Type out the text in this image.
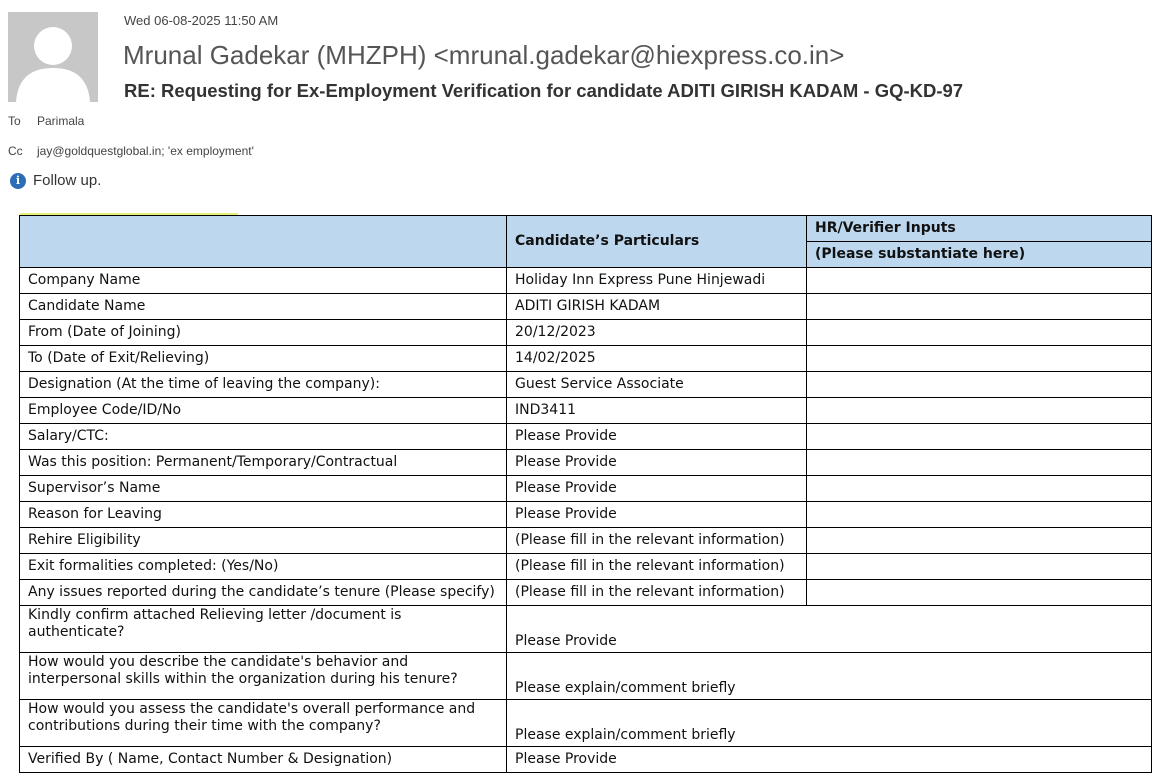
Wed 06-08-2025 11:50 AM
Mrunal Gadekar (MHZPH) <mrunal.gadekar@hiexpress.co.in>
RE: Requesting for Ex-Employment Verification for candidate ADITI GIRISH KADAM - GQ-KD-97
To Parimala
Cc jay@goldquestglobal.in; 'ex employment'
i Follow up.
	Candidate’s Particulars	HR/Verifier Inputs
		(Please substantiate here)
Company Name	Holiday Inn Express Pune Hinjewadi	
Candidate Name	ADITI GIRISH KADAM	
From (Date of Joining)	20/12/2023	
To (Date of Exit/Relieving)	14/02/2025	
Designation (At the time of leaving the company):	Guest Service Associate	
Employee Code/ID/No	IND3411	
Salary/CTC:	Please Provide	
Was this position: Permanent/Temporary/Contractual	Please Provide	
Supervisor’s Name	Please Provide	
Reason for Leaving	Please Provide	
Rehire Eligibility	(Please fill in the relevant information)	
Exit formalities completed: (Yes/No)	(Please fill in the relevant information)	
Any issues reported during the candidate’s tenure (Please specify)	(Please fill in the relevant information)	
Kindly confirm attached Relieving letter /document is authenticate?	Please Provide	
How would you describe the candidate's behavior and interpersonal skills within the organization during his tenure?	Please explain/comment briefly	
How would you assess the candidate's overall performance and contributions during their time with the company?	Please explain/comment briefly	
Verified By ( Name, Contact Number & Designation)	Please Provide	
